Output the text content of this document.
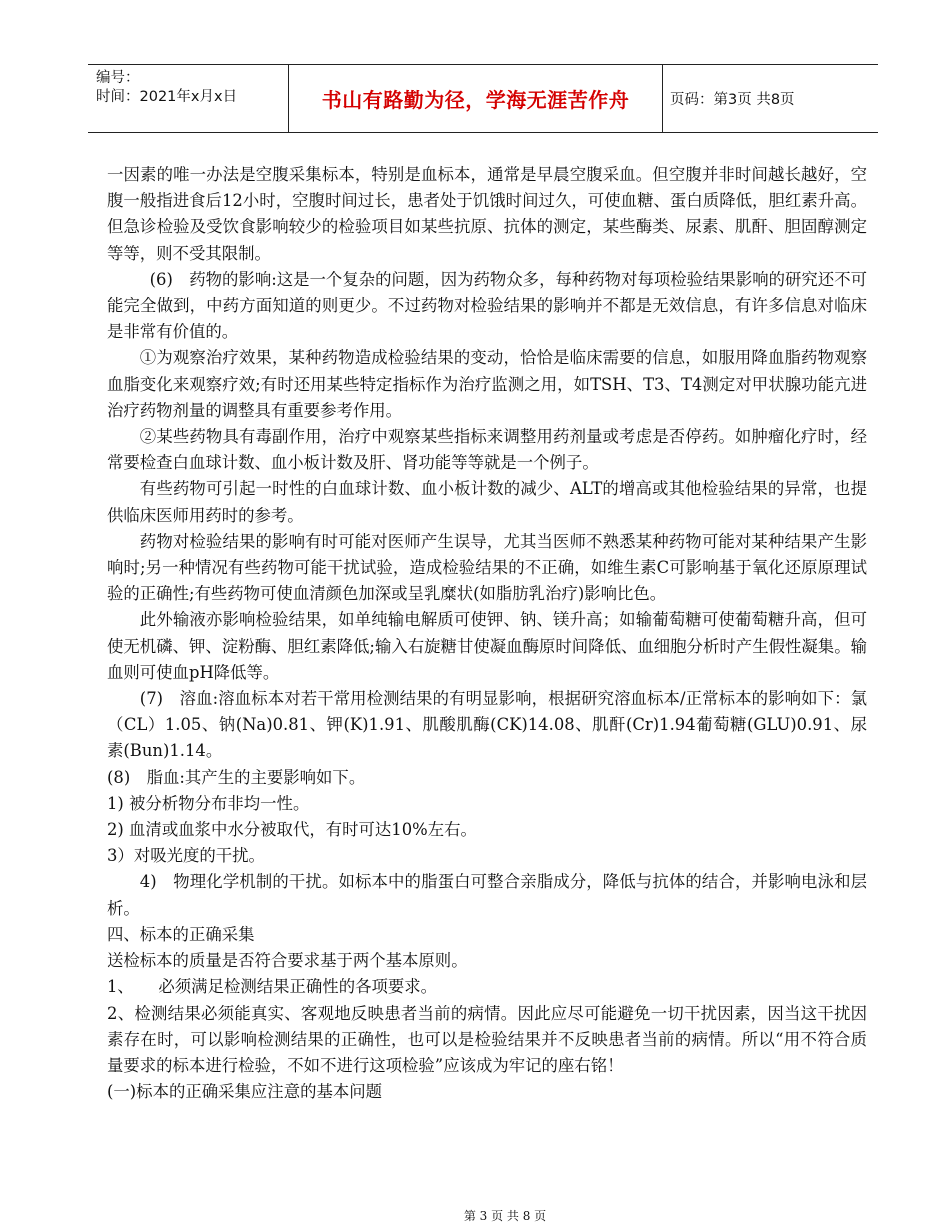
编号：
时间：2021年x月x日	书山有路勤为径，学海无涯苦作舟	页码：第3页 共8页

一因素的唯一办法是空腹采集标本，特别是血标本，通常是早晨空腹采血。但空腹并非时间越长越好，空腹一般指进食后12小时，空腹时间过长，患者处于饥饿时间过久，可使血糖、蛋白质降低，胆红素升高。但急诊检验及受饮食影响较少的检验项目如某些抗原、抗体的测定，某些酶类、尿素、肌酐、胆固醇测定等等，则不受其限制。

(6)　药物的影响:这是一个复杂的问题，因为药物众多，每种药物对每项检验结果影响的研究还不可能完全做到，中药方面知道的则更少。不过药物对检验结果的影响并不都是无效信息，有许多信息对临床是非常有价值的。

①为观察治疗效果，某种药物造成检验结果的变动，恰恰是临床需要的信息，如服用降血脂药物观察血脂变化来观察疗效;有时还用某些特定指标作为治疗监测之用，如TSH、T3、T4测定对甲状腺功能亢进治疗药物剂量的调整具有重要参考作用。

②某些药物具有毒副作用，治疗中观察某些指标来调整用药剂量或考虑是否停药。如肿瘤化疗时，经常要检查白血球计数、血小板计数及肝、肾功能等等就是一个例子。

有些药物可引起一时性的白血球计数、血小板计数的减少、ALT的增高或其他检验结果的异常，也提供临床医师用药时的参考。

药物对检验结果的影响有时可能对医师产生误导，尤其当医师不熟悉某种药物可能对某种结果产生影响时;另一种情况有些药物可能干扰试验，造成检验结果的不正确，如维生素C可影响基于氧化还原原理试验的正确性;有些药物可使血清颜色加深或呈乳糜状(如脂肪乳治疗)影响比色。

此外输液亦影响检验结果，如单纯输电解质可使钾、钠、镁升高；如输葡萄糖可使葡萄糖升高，但可使无机磷、钾、淀粉酶、胆红素降低;输入右旋糖甘使凝血酶原时间降低、血细胞分析时产生假性凝集。输血则可使血pH降低等。

(7)　溶血:溶血标本对若干常用检测结果的有明显影响，根据研究溶血标本/正常标本的影响如下：氯（CL）1.05、钠(Na)0.81、钾(K)1.91、肌酸肌酶(CK)14.08、肌酐(Cr)1.94葡萄糖(GLU)0.91、尿素(Bun)1.14。

(8)　脂血:其产生的主要影响如下。

1) 被分析物分布非均一性。

2) 血清或血浆中水分被取代，有时可达10%左右。

3）对吸光度的干扰。

4)　物理化学机制的干扰。如标本中的脂蛋白可整合亲脂成分，降低与抗体的结合，并影响电泳和层析。

四、标本的正确采集

送检标本的质量是否符合要求基于两个基本原则。

1、　　必须满足检测结果正确性的各项要求。

2、检测结果必须能真实、客观地反映患者当前的病情。因此应尽可能避免一切干扰因素，因当这干扰因素存在时，可以影响检测结果的正确性，也可以是检验结果并不反映患者当前的病情。所以“用不符合质量要求的标本进行检验，不如不进行这项检验”应该成为牢记的座右铭！

(一)标本的正确采集应注意的基本问题

第 3 页 共 8 页
